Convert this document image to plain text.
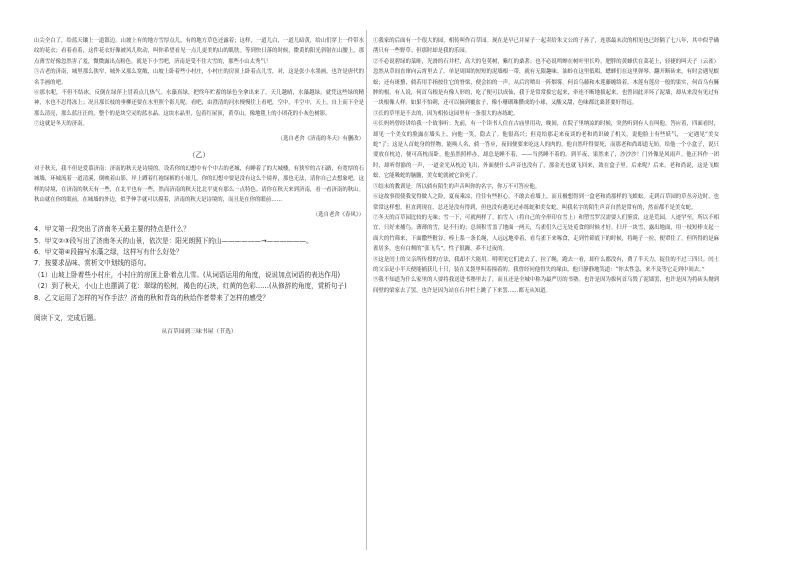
山尖全白了，给蓝天镶上一道银边。山坡上有的地方雪厚点儿，有的地方草色还露着；这样，一道儿白，一道儿暗黄，给山们穿上一件带水纹的花衣；看着看着，这件花衣好像被风儿吹动，叫你希望看见一点儿更美的山的肌肤。等到快日落的时候，微黄的阳光斜射在山腰上，那点薄雪好像忽然害了羞，微微露出点粉色。就是下小雪吧，济南是受不住大雪的，那些小山太秀气！

⑤古老的济南，城里那么狭窄，城外又那么宽敞，山坡上卧着些小村庄，小村庄的房顶上卧着点儿雪，对，这是张小水墨画，也许是唐代的名手画的吧。

⑥那水呢，不但不结冰，反倒在绿萍上冒着点儿热气。水藻真绿，把终年贮蓄的绿色全拿出来了。天儿越晴，水藻越绿，就凭这些绿的精神，水也不忍得冻上；况且那长枝的垂柳还要在水里照个影儿呢。看吧，由澄清的河水慢慢往上看吧，空中，半空中，天上，自上而下全是那么清亮，那么蓝汪汪的，整个的是块空灵的蓝水晶。这块水晶里，包着红屋顶，黄草山，像地毯上的小团花的小灰色树影。

⑦这就是冬天的济南。

（选自老舍《济南的冬天》有删改）

（乙）

对于秋天，我不但是爱慕济南：济南的秋天是诗境的。设若你的幻想中有个中古的老城，有睡着了的大城楼，有狭窄的古石路，有宽厚的石城墙，环城流着一道清溪，倒映着山影，岸上蹲着红袍绿裤的小妞儿。你的幻想中要是没有这么个境界，那也无法，请你自己去想象吧。这样的诗境，在济南的秋天有一些，在北平也有一些，然而济南的秋天比北平更有那么一点特色。请你在秋天来到济南，看一看济南的秋山。秋山就在你的眼前，在城墙的外边，似乎伸手就可以摸着，济南的秋天是诗境的，而且是在你的眼前……

（选自老舍《春风》）

4．甲文第一段突出了济南冬天最主要的特点是什么？

5．甲文②③段写出了济南冬天的山景，依次是：阳光朗照下的山——————→——————。

6．甲文第④段描写水藻之绿，这样写有什么好处？

7．按要求品味、赏析文中划线的语句。

（1）山坡上卧着些小村庄，小村庄的房顶上卧着点儿雪。(从词语运用的角度，说说加点词语的表达作用)

（2）到了秋天，小山上也摆满了花：翠绿的松树，褐色的石块，红黄的色彩……(从修辞的角度，赏析句子)

8．乙文运用了怎样的写作手法？济南的秋和青岛的秋给作者带来了怎样的感受？

阅读下文，完成后题。

从百草园到三味书屋（节选）

①我家的后面有一个很大的园，相传叫作百草园。现在是早已并屋子一起卖给朱文公的子孙了，连那最末次的相见也已经隔了七八年，其中似乎确凿只有一些野草；但那时却是我的乐园。

②不必说碧绿的菜畦，光滑的石井栏，高大的皂荚树，紫红的桑葚；也不必说鸣蝉在树叶里长吟，肥胖的黄蜂伏在菜花上，轻捷的叫天子（云雀）忽然从草间直窜向云霄里去了。单是周围的短短的泥墙根一带，就有无限趣味。油蛉在这里低唱，蟋蟀们在这里弹琴。翻开断砖来，有时会遇见蜈蚣；还有斑蝥，倘若用手指按住它的脊梁，便会拍的一声，从后窍喷出一阵烟雾。何首乌藤和木莲藤缠络着，木莲有莲房一般的果实，何首乌有臃肿的根。有人说，何首乌根是有像人形的，吃了便可以成仙，我于是常常拔它起来，牵连不断地拔起来，也曾因此弄坏了泥墙，却从来没有见过有一块根像人样。如果不怕刺，还可以摘到覆盆子，像小珊瑚珠攒成的小球，又酸又甜，色味都比桑葚要好得远。

③长的草里是不去的，因为相传这园里有一条很大的赤练蛇。

④长妈妈曾经讲给我一个故事听：先前，有一个读书人住在古庙里用功，晚间，在院子里纳凉的时候，突然听到有人在叫他。答应着，四面看时，却见一个美女的脸露在墙头上，向他一笑，隐去了。他很高兴；但竟给那走来夜谈的老和尚识破了机关。说他脸上有些妖气，一定遇见“美女蛇”了；这是人首蛇身的怪物，能唤人名，倘一答应，夜间便要来吃这人的肉的。他自然吓得要死，而那老和尚却道无妨，给他一个小盒子，说只要放在枕边，便可高枕而卧。他虽然照样办，却总是睡不着，——当然睡不着的。到半夜，果然来了，沙沙沙！门外像是风雨声。他正抖作一团时，却听得豁的一声，一道金光从枕边飞出，外面便什么声音也没有了，那金光也就飞回来，敛在盒子里。后来呢？后来，老和尚说，这是飞蜈蚣，它能吸蛇的脑髓，美女蛇就被它治死了。

⑤结末的教训是：所以倘有陌生的声音叫你的名字，你万不可答应他。

⑥这故事很使我觉得做人之险，夏夜乘凉，往往有些担心，不敢去看墙上，而且极想得到一盒老和尚那样的飞蜈蚣。走到百草园的草丛旁边时，也常常这样想。但直到现在，总还是没有得到，但也没有遇见过赤练蛇和美女蛇。叫我名字的陌生声音自然是常有的，然而都不是美女蛇。

⑦冬天的百草园比较的无味；雪一下，可就两样了。拍雪人（将自己的全形印在雪上）和塑雪罗汉需要人们鉴赏，这是荒园，人迹罕至，所以不相宜，只好来捕鸟。薄薄的雪，是不行的；总须积雪盖了地面一两天，鸟雀们久已无处觅食的时候才好。扫开一块雪，露出地面，用一枝短棒支起一面大的竹筛来，下面撒些秕谷，棒上系一条长绳，人远远地牵着，看鸟雀下来啄食，走到竹筛底下的时候，将绳子一拉，便罩住了。但所得的是麻雀居多，也有白颊的“张飞鸟”，性子很躁，养不过夜的。

⑧这是闰土的父亲所传授的方法，我却不大能用。明明见它们进去了，拉了绳，跑去一看，却什么都没有，费了半天力，捉住的不过三四只。闰土的父亲是小半天便能捕获几十只，装在叉袋里叫着撞着的。我曾经问他得失的缘由，他只静静地笑道：“你太性急，来不及等它走到中间去。”

⑨我不知道为什么家里的人要将我送进书塾里去了，而且还是全城中称为最严厉的书塾。也许是因为拔何首乌毁了泥墙罢，也许是因为将砖头抛到间壁的梁家去了罢，也许是因为站在石井栏上跳了下来罢……都无从知道。
